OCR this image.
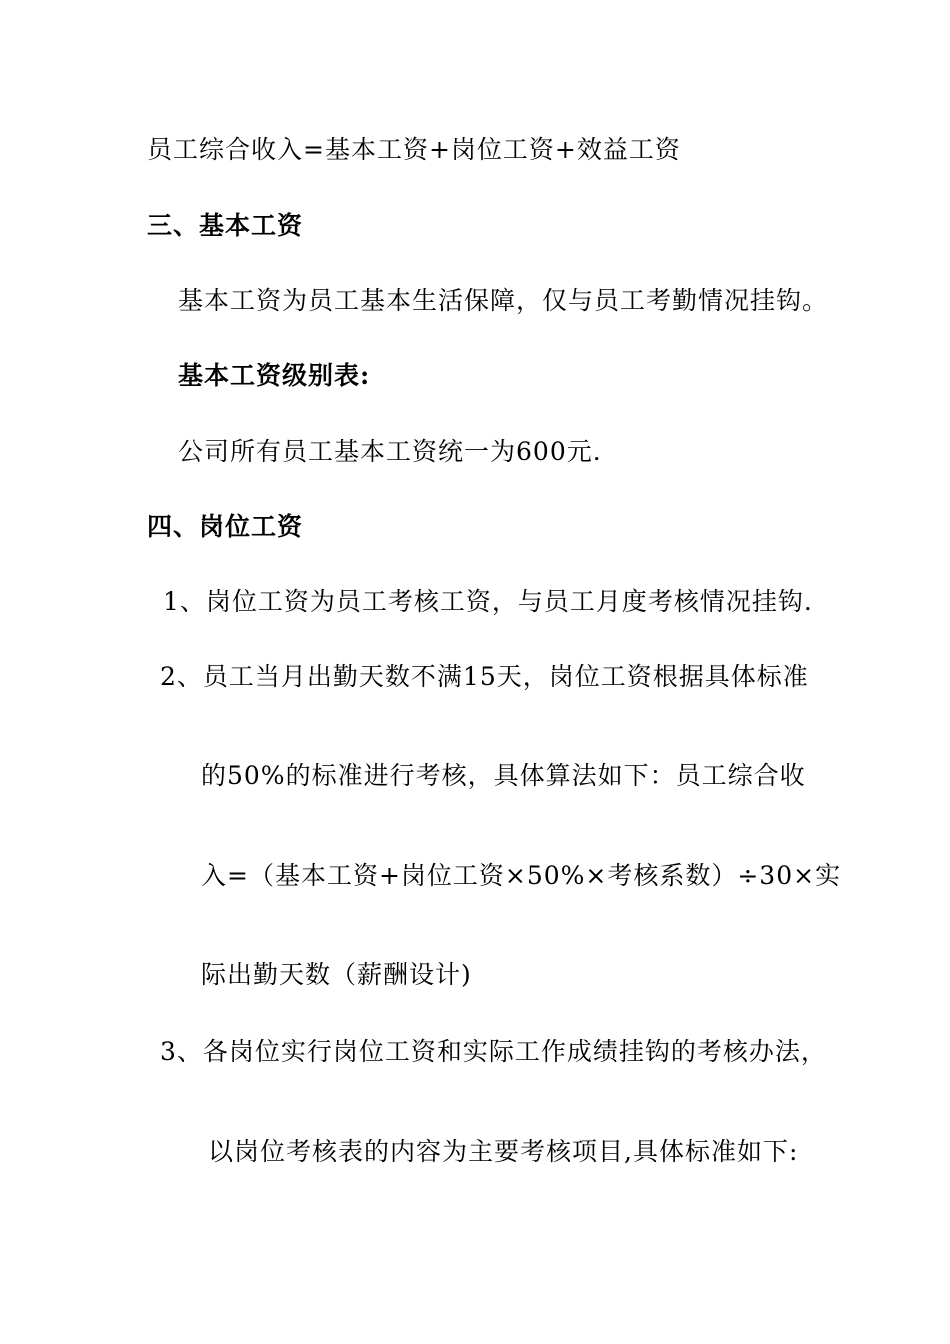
员工综合收入=基本工资+岗位工资+效益工资
三、基本工资
基本工资为员工基本生活保障，仅与员工考勤情况挂钩。
基本工资级别表:
公司所有员工基本工资统一为600元.
四、岗位工资
1、岗位工资为员工考核工资，与员工月度考核情况挂钩.
2、员工当月出勤天数不满15天，岗位工资根据具体标准
的50%的标准进行考核，具体算法如下：员工综合收
入=（基本工资+岗位工资×50%×考核系数）÷30×实
际出勤天数（薪酬设计)
3、各岗位实行岗位工资和实际工作成绩挂钩的考核办法，
以岗位考核表的内容为主要考核项目,具体标准如下:
